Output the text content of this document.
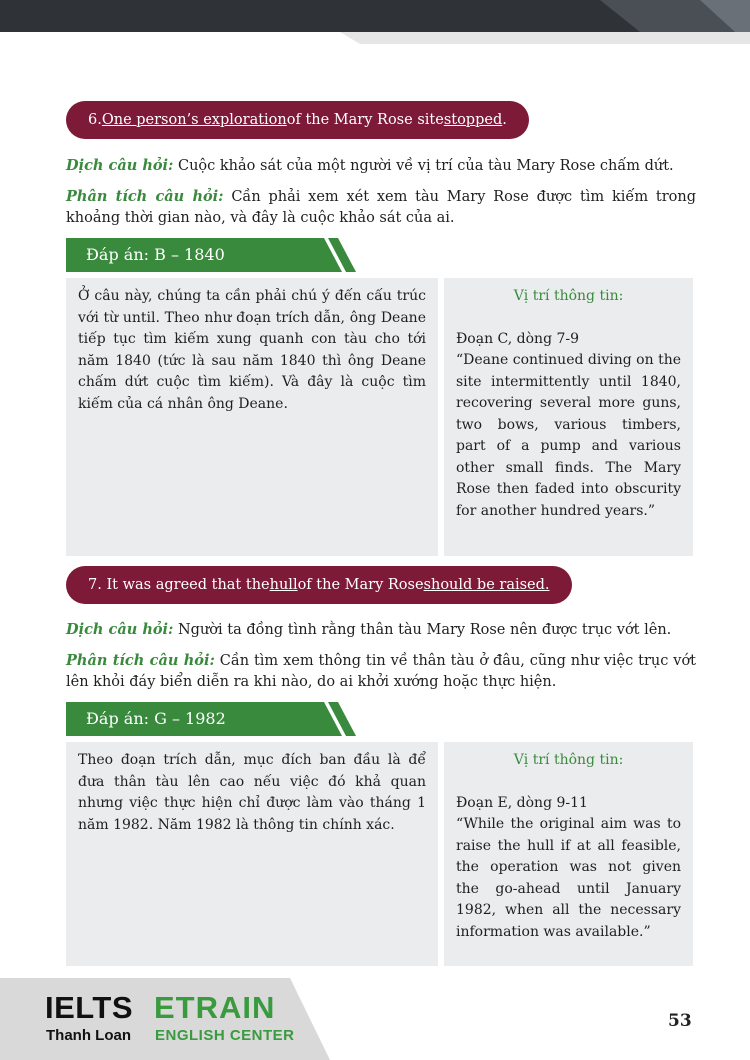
6. One person’s exploration of the Mary Rose site stopped .
Dịch câu hỏi: Cuộc khảo sát của một người về vị trí của tàu Mary Rose chấm dứt.
Phân tích câu hỏi: Cần phải xem xét xem tàu Mary Rose được tìm kiếm trong khoảng thời gian nào, và đây là cuộc khảo sát của ai.
Đáp án: B – 1840
Ở câu này, chúng ta cần phải chú ý đến cấu trúc với từ until. Theo như đoạn trích dẫn, ông Deane tiếp tục tìm kiếm xung quanh con tàu cho tới năm 1840 (tức là sau năm 1840 thì ông Deane chấm dứt cuộc tìm kiếm). Và đây là cuộc tìm kiếm của cá nhân ông Deane.
Vị trí thông tin:
Đoạn C, dòng 7-9
“Deane continued diving on the site intermittently until 1840, recovering several more guns, two bows, various timbers, part of a pump and various other small finds. The Mary Rose then faded into obscurity for another hundred years.”
7. It was agreed that the hull of the Mary Rose should be raised.
Dịch câu hỏi: Người ta đồng tình rằng thân tàu Mary Rose nên được trục vớt lên.
Phân tích câu hỏi: Cần tìm xem thông tin về thân tàu ở đâu, cũng như việc trục vớt lên khỏi đáy biển diễn ra khi nào, do ai khởi xướng hoặc thực hiện.
Đáp án: G – 1982
Theo đoạn trích dẫn, mục đích ban đầu là để đưa thân tàu lên cao nếu việc đó khả quan nhưng việc thực hiện chỉ được làm vào tháng 1 năm 1982. Năm 1982 là thông tin chính xác.
Vị trí thông tin:
Đoạn E, dòng 9-11
“While the original aim was to raise the hull if at all feasible, the operation was not given the go-ahead until January 1982, when all the necessary information was available.”
IELTS
Thanh Loan
ETRAIN
ENGLISH CENTER
53
